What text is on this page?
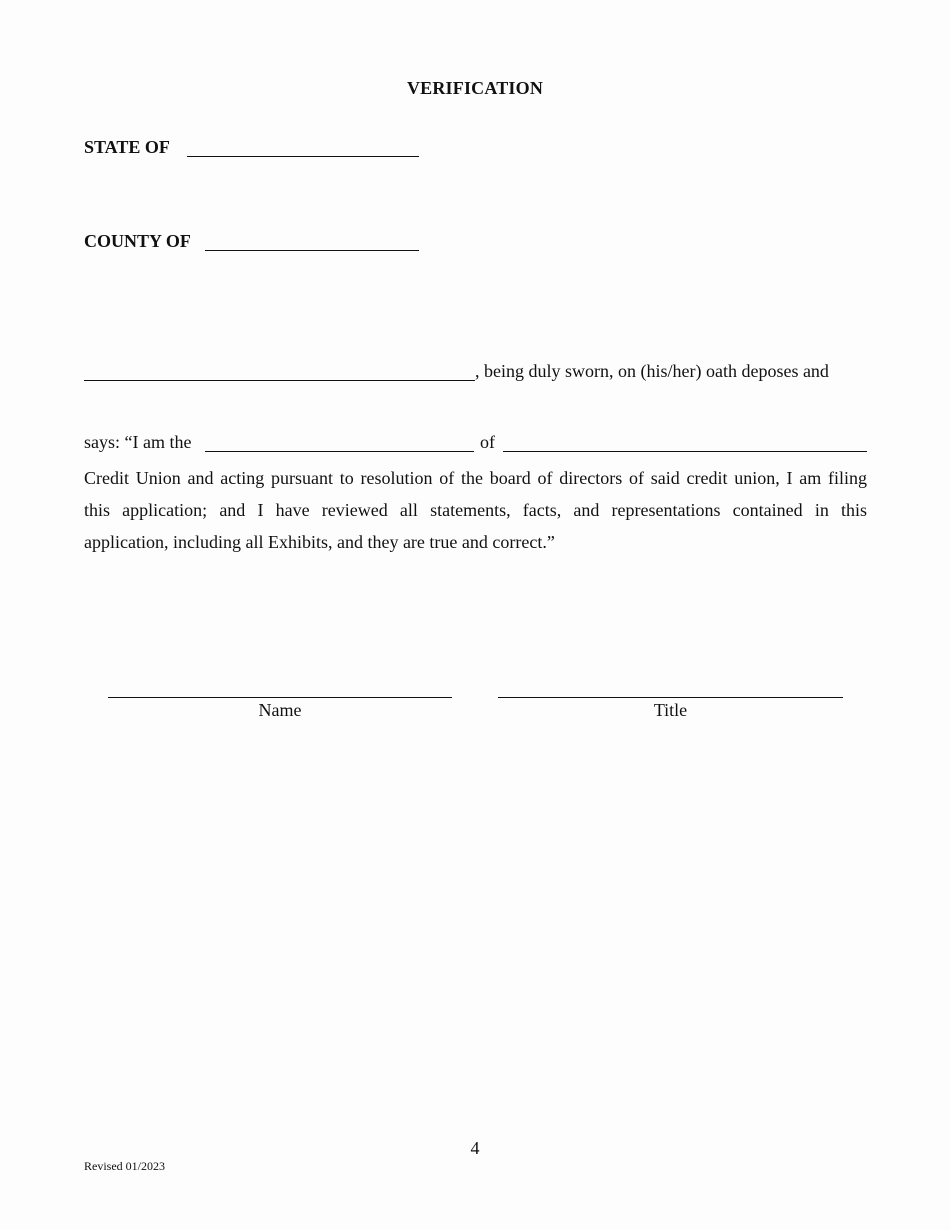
VERIFICATION
STATE OF
COUNTY OF
, being duly sworn, on (his/her) oath deposes and
says: “I am the	of
Credit Union and acting pursuant to resolution of the board of directors of said credit union, I am filing
this application; and I have reviewed all statements, facts, and representations contained in this
application, including all Exhibits, and they are true and correct.”
Name	Title
4
Revised 01/2023
